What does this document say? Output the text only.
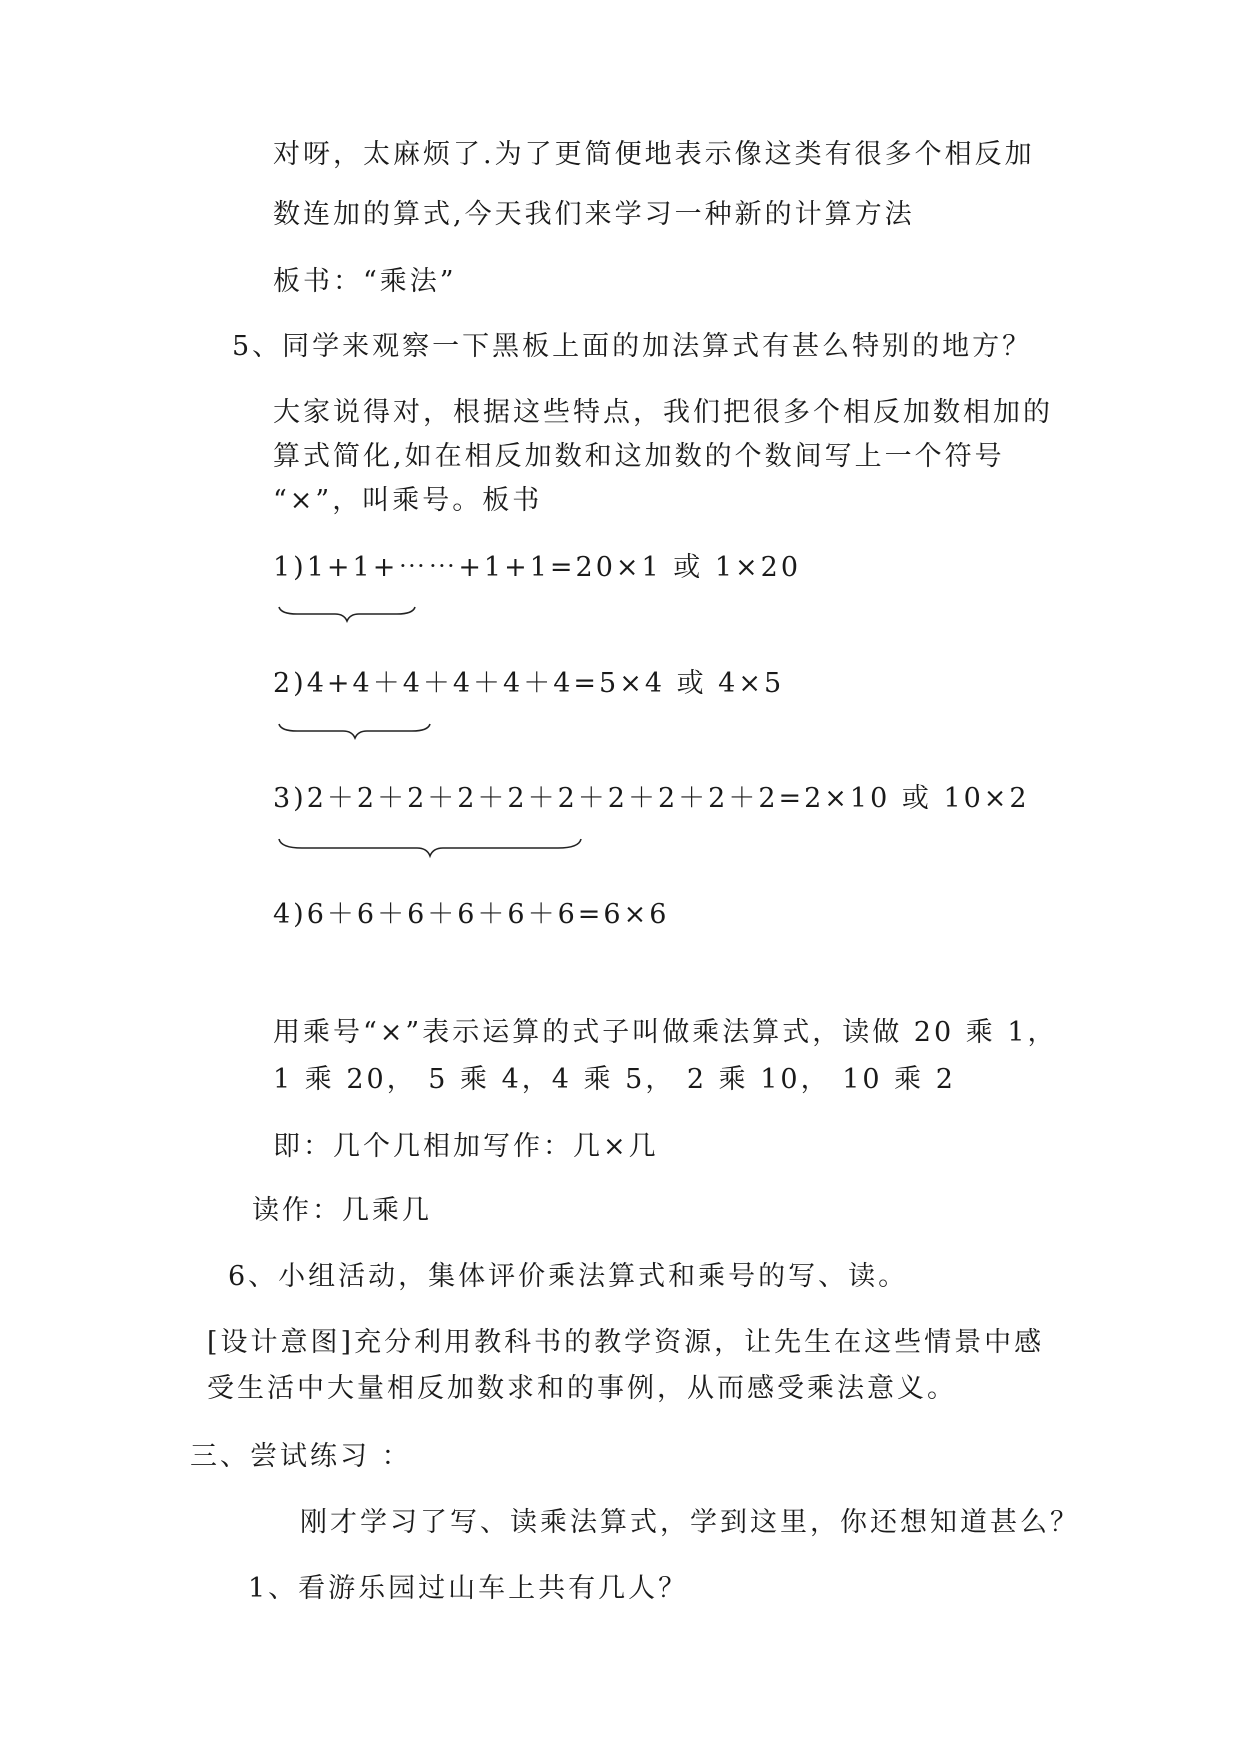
对呀，太麻烦了.为了更简便地表示像这类有很多个相反加
数连加的算式,今天我们来学习一种新的计算方法
板书：“乘法”
5、同学来观察一下黑板上面的加法算式有甚么特别的地方？
大家说得对，根据这些特点，我们把很多个相反加数相加的
算式简化,如在相反加数和这加数的个数间写上一个符号
“×”，叫乘号。板书
1)1+1+⋯⋯+1+1=20×1 或 1×20
2)4+4＋4＋4＋4＋4=5×4 或 4×5
3)2＋2＋2＋2＋2＋2＋2＋2＋2＋2=2×10 或 10×2
4)6＋6＋6＋6＋6＋6=6×6
用乘号“×”表示运算的式子叫做乘法算式，读做 20 乘 1，
1 乘 20， 5 乘 4，4 乘 5， 2 乘 10， 10 乘 2
即：几个几相加写作：几×几
读作：几乘几
6、小组活动，集体评价乘法算式和乘号的写、读。
[设计意图]充分利用教科书的教学资源，让先生在这些情景中感
受生活中大量相反加数求和的事例，从而感受乘法意义。
三、尝试练习 ：
刚才学习了写、读乘法算式，学到这里，你还想知道甚么？
1、看游乐园过山车上共有几人？
